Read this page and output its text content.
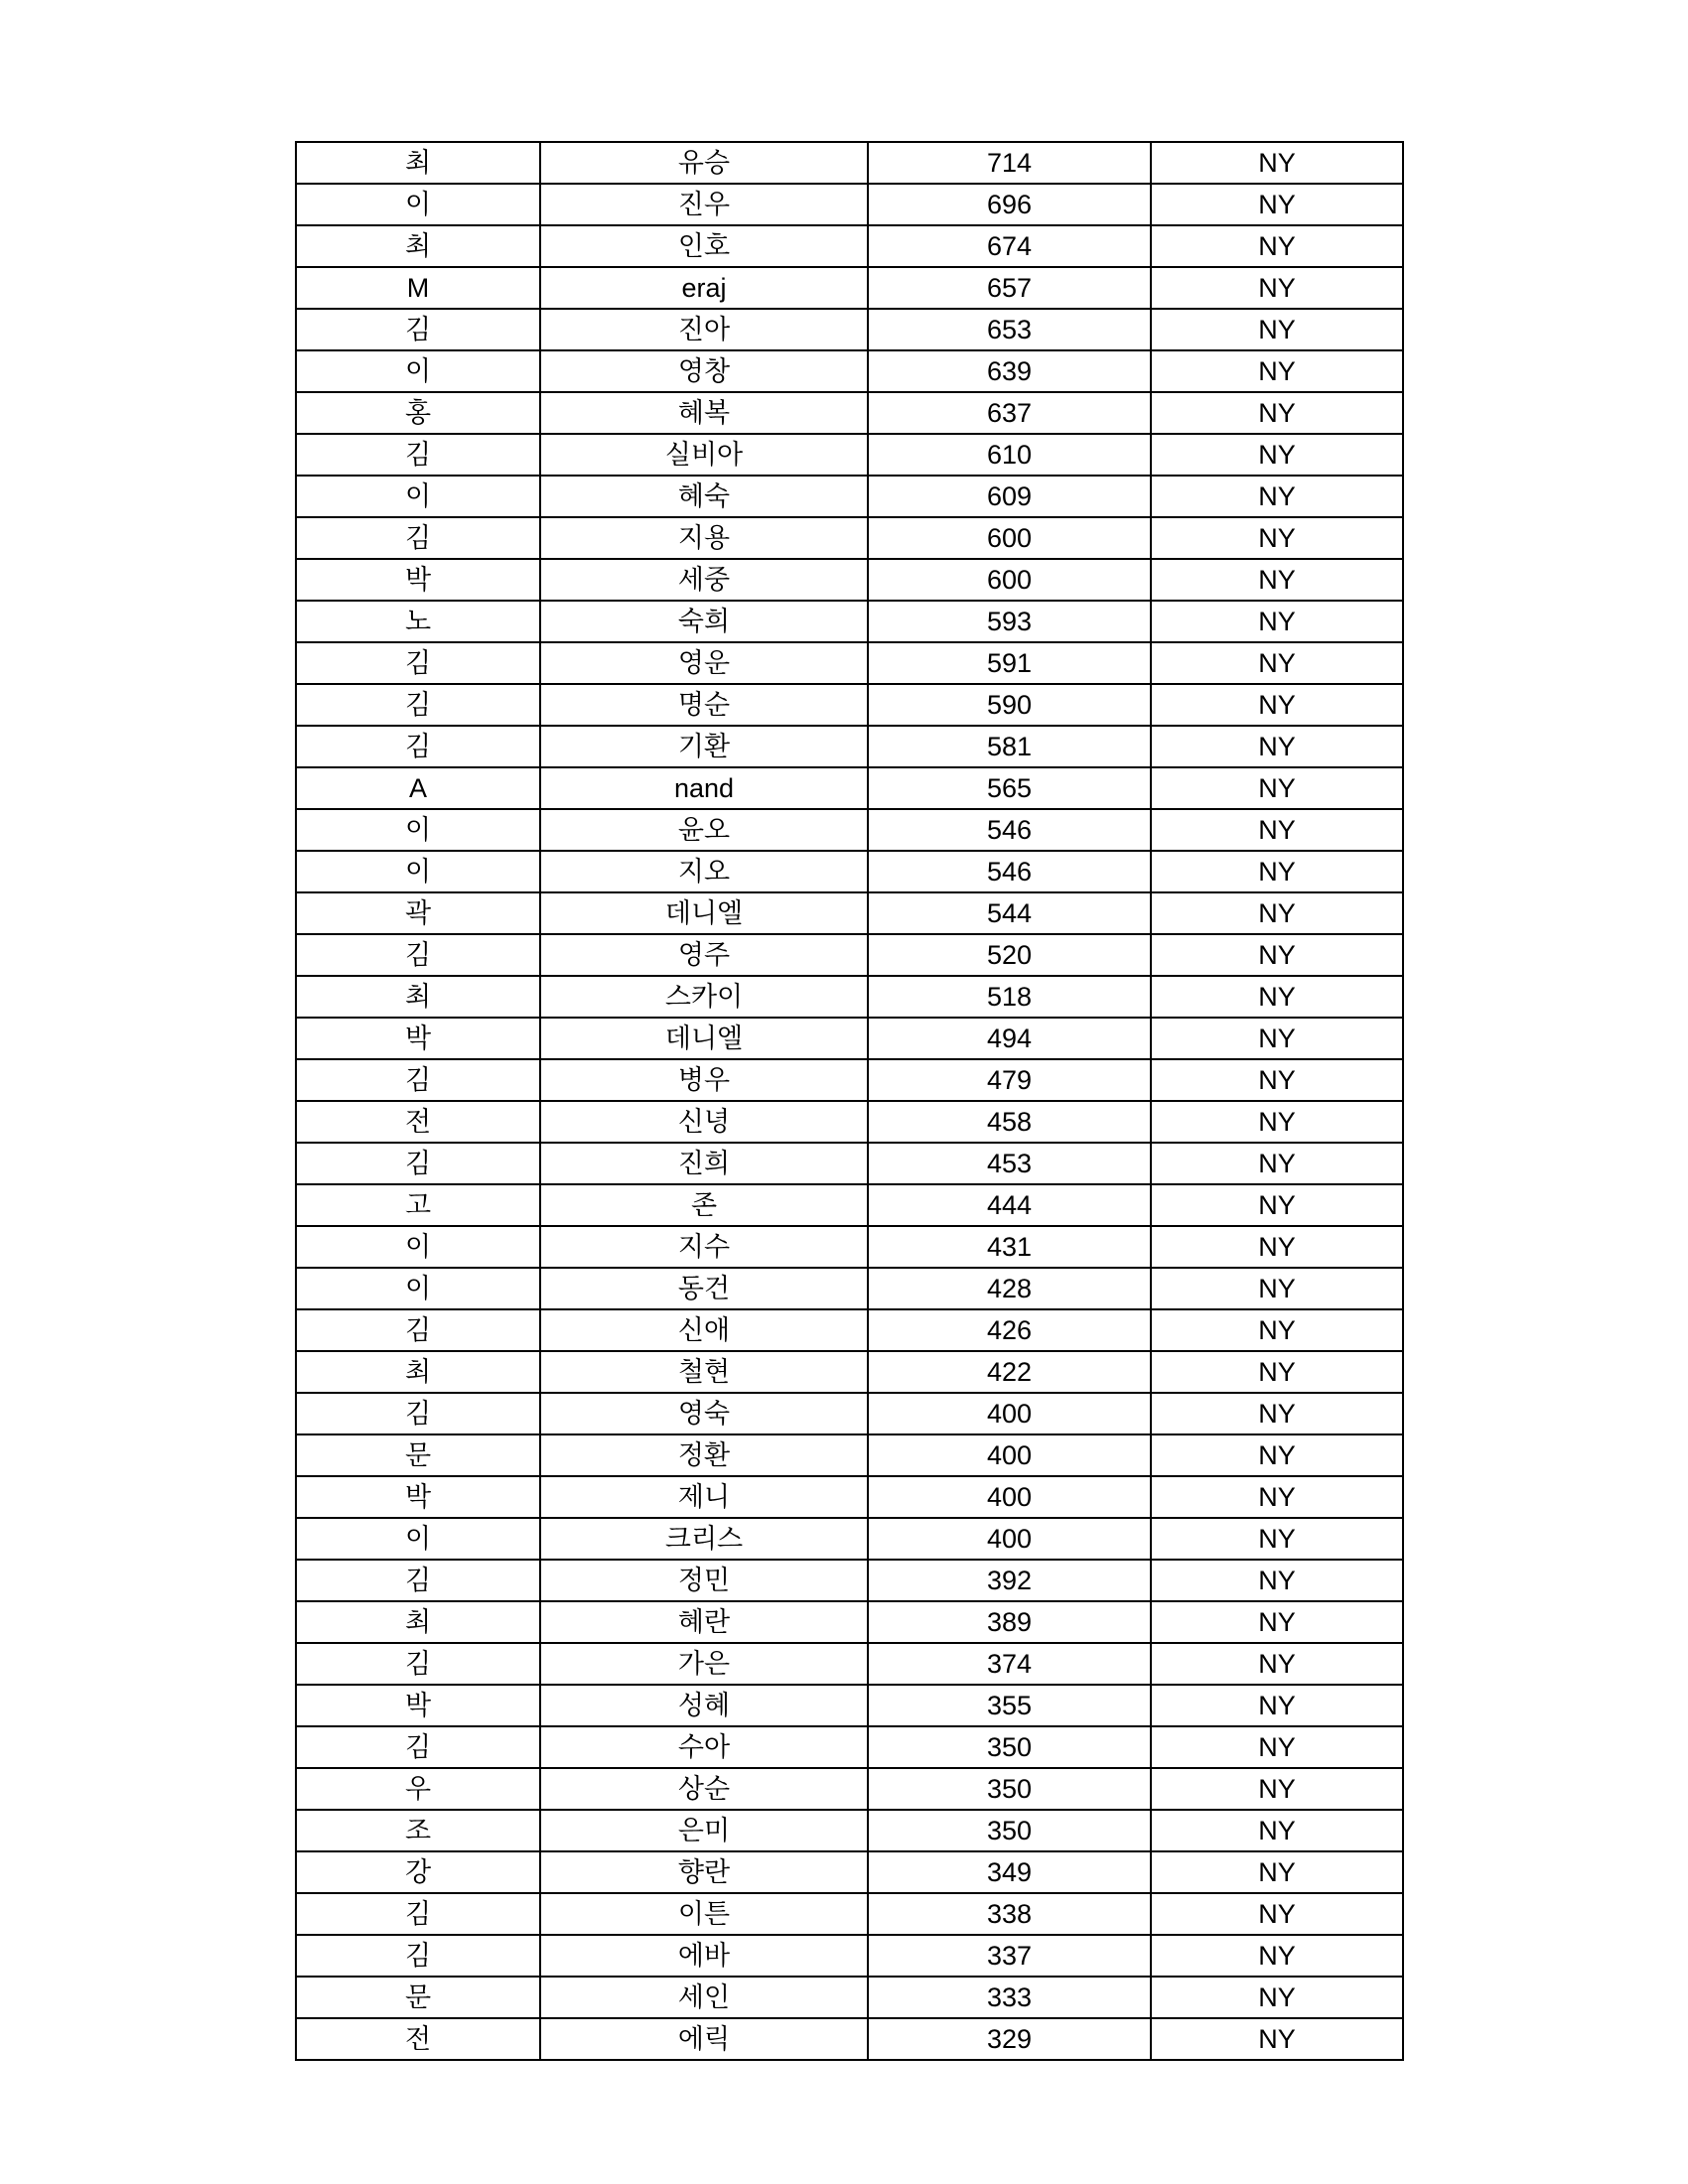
최	유승	714	NY
이	진우	696	NY
최	인호	674	NY
M	eraj	657	NY
김	진아	653	NY
이	영창	639	NY
홍	혜복	637	NY
김	실비아	610	NY
이	혜숙	609	NY
김	지용	600	NY
박	세중	600	NY
노	숙희	593	NY
김	영운	591	NY
김	명순	590	NY
김	기환	581	NY
A	nand	565	NY
이	윤오	546	NY
이	지오	546	NY
곽	데니엘	544	NY
김	영주	520	NY
최	스카이	518	NY
박	데니엘	494	NY
김	병우	479	NY
전	신녕	458	NY
김	진희	453	NY
고	존	444	NY
이	지수	431	NY
이	동건	428	NY
김	신애	426	NY
최	철현	422	NY
김	영숙	400	NY
문	정환	400	NY
박	제니	400	NY
이	크리스	400	NY
김	정민	392	NY
최	혜란	389	NY
김	가은	374	NY
박	성혜	355	NY
김	수아	350	NY
우	상순	350	NY
조	은미	350	NY
강	향란	349	NY
김	이튼	338	NY
김	에바	337	NY
문	세인	333	NY
전	에릭	329	NY
